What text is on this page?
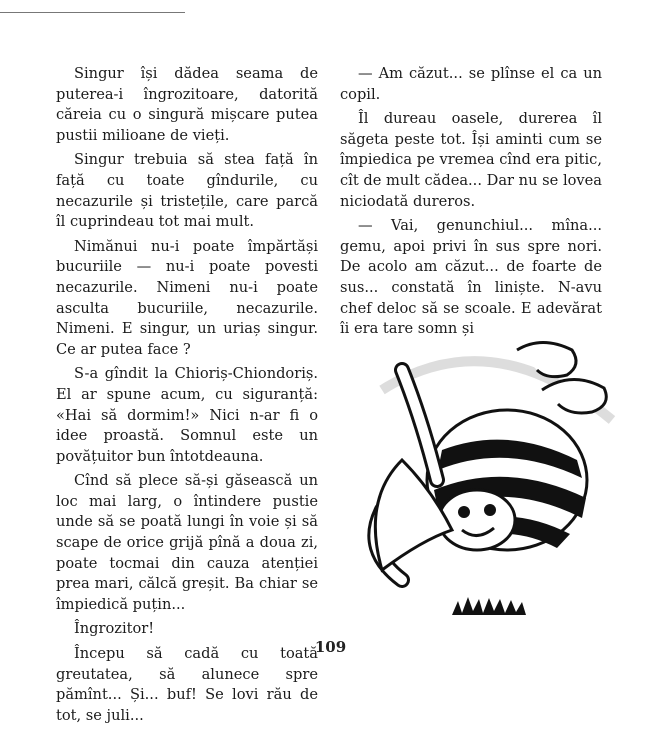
Singur își dădea seama de puterea-i îngrozitoare, datorită căreia cu o singură mișcare putea pustii milioane de vieți.

Singur trebuia să stea față în față cu toate gîndurile, cu necazurile și tristețile, care parcă îl cuprindeau tot mai mult.

Nimănui nu-i poate împărtăși bucuriile — nu-i poate povesti necazurile. Nimeni nu-i poate asculta bucuriile, necazurile. Nimeni. E singur, un uriaș singur. Ce ar putea face ?

S-a gîndit la Chioriș-Chiondoriș. El ar spune acum, cu siguranță: «Hai să dormim!» Nici n-ar fi o idee proastă. Somnul este un povățuitor bun întotdeauna.

Cînd să plece să-și găsească un loc mai larg, o întindere pustie unde să se poată lungi în voie și să scape de orice grijă pînă a doua zi, poate tocmai din cauza atenției prea mari, călcă greșit. Ba chiar se împiedică puțin...

Îngrozitor!

Începu să cadă cu toată greutatea, să alunece spre pămînt... Și... buf! Se lovi rău de tot, se juli...

— Am căzut... se plînse el ca un copil.

Îl dureau oasele, durerea îl săgeta peste tot. Își aminti cum se împiedica pe vremea cînd era pitic, cît de mult cădea... Dar nu se lovea niciodată dureros.

— Vai, genunchiul... mîna... gemu, apoi privi în sus spre nori. De acolo am căzut... de foarte de sus... constată în liniște. N-avu chef deloc să se scoale. E adevărat îi era tare somn și

109
